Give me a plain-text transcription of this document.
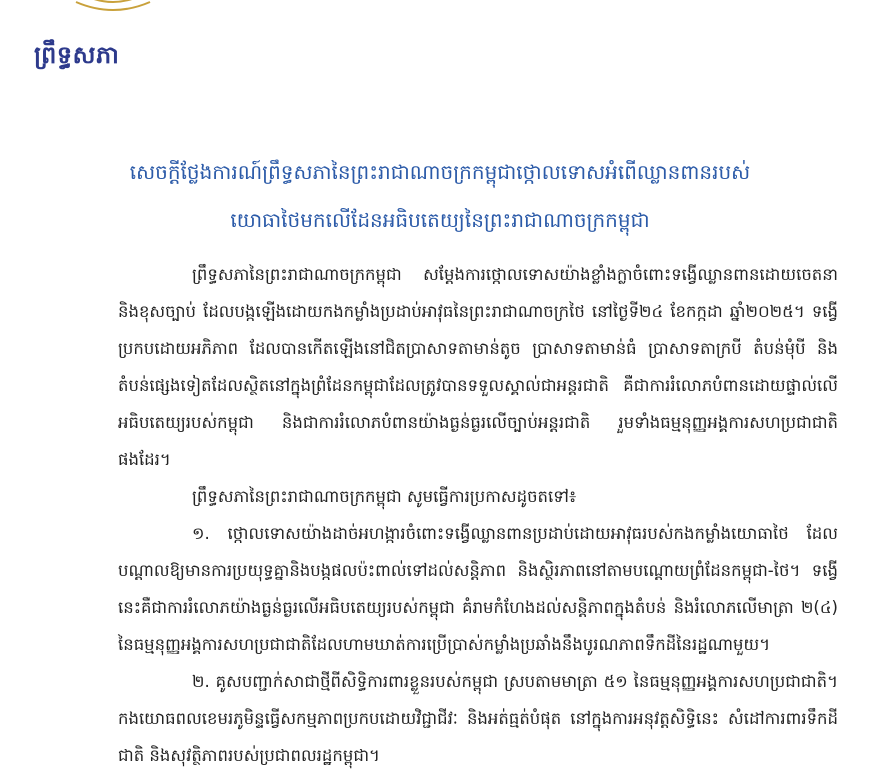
ព្រឹទ្ធសភា
សេចក្តីថ្លែងការណ៍ព្រឹទ្ធសភានៃព្រះរាជាណាចក្រកម្ពុជាថ្កោលទោសអំពើឈ្លានពានរបស់
យោធាថៃមកលើដែនអធិបតេយ្យនៃព្រះរាជាណាចក្រកម្ពុជា

ព្រឹទ្ធសភានៃព្រះរាជាណាចក្រកម្ពុជា សម្តែងការថ្កោលទោសយ៉ាងខ្លាំងក្លាចំពោះទង្វើឈ្លានពានដោយចេតនា និងខុសច្បាប់ ដែលបង្កឡើងដោយកងកម្លាំងប្រដាប់អាវុធនៃព្រះរាជាណាចក្រថៃ នៅថ្ងៃទី២៤ ខែកក្កដា ឆ្នាំ២០២៥។ ទង្វើប្រកបដោយអភិភាព ដែលបានកើតឡើងនៅជិតប្រាសាទតាមាន់តូច ប្រាសាទតាមាន់ធំ ប្រាសាទតាក្របី តំបន់មុំបី និងតំបន់ផ្សេងទៀតដែលស្ថិតនៅក្នុងព្រំដែនកម្ពុជាដែលត្រូវបានទទួលស្គាល់ជាអន្តរជាតិ គឺជាការរំលោភបំពានដោយផ្ទាល់លើអធិបតេយ្យរបស់កម្ពុជា និងជាការរំលោភបំពានយ៉ាងធ្ងន់ធ្ងរលើច្បាប់អន្តរជាតិ រួមទាំងធម្មនុញ្ញអង្គការសហប្រជាជាតិផងដែរ។

ព្រឹទ្ធសភានៃព្រះរាជាណាចក្រកម្ពុជា សូមធ្វើការប្រកាសដូចតទៅ៖

១. ថ្កោលទោសយ៉ាងដាច់អហង្ការចំពោះទង្វើឈ្លានពានប្រដាប់ដោយអាវុធរបស់កងកម្លាំងយោធាថៃ ដែលបណ្តាលឱ្យមានការប្រយុទ្ធគ្នានិងបង្កផលប៉ះពាល់ទៅដល់សន្តិភាព និងស្ថិរភាពនៅតាមបណ្តោយព្រំដែនកម្ពុជា-ថៃ។ ទង្វើនេះគឺជាការរំលោភយ៉ាងធ្ងន់ធ្ងរលើអធិបតេយ្យរបស់កម្ពុជា គំរាមកំហែងដល់សន្តិភាពក្នុងតំបន់ និងរំលោភលើមាត្រា ២(៤) នៃធម្មនុញ្ញអង្គការសហប្រជាជាតិដែលហាមឃាត់ការប្រើប្រាស់កម្លាំងប្រឆាំងនឹងបូរណភាពទឹកដីនៃរដ្ឋណាមួយ។

២. គូសបញ្ជាក់សាជាថ្មីពីសិទ្ធិការពារខ្លួនរបស់កម្ពុជា ស្របតាមមាត្រា ៥១ នៃធម្មនុញ្ញអង្គការសហប្រជាជាតិ។ កងយោធពលខេមរភូមិន្ទធ្វើសកម្មភាពប្រកបដោយវិជ្ជាជីវៈ និងអត់ធ្មត់បំផុត នៅក្នុងការអនុវត្តសិទ្ធិនេះ សំដៅការពារទឹកដីជាតិ និងសុវត្ថិភាពរបស់ប្រជាពលរដ្ឋកម្ពុជា។
